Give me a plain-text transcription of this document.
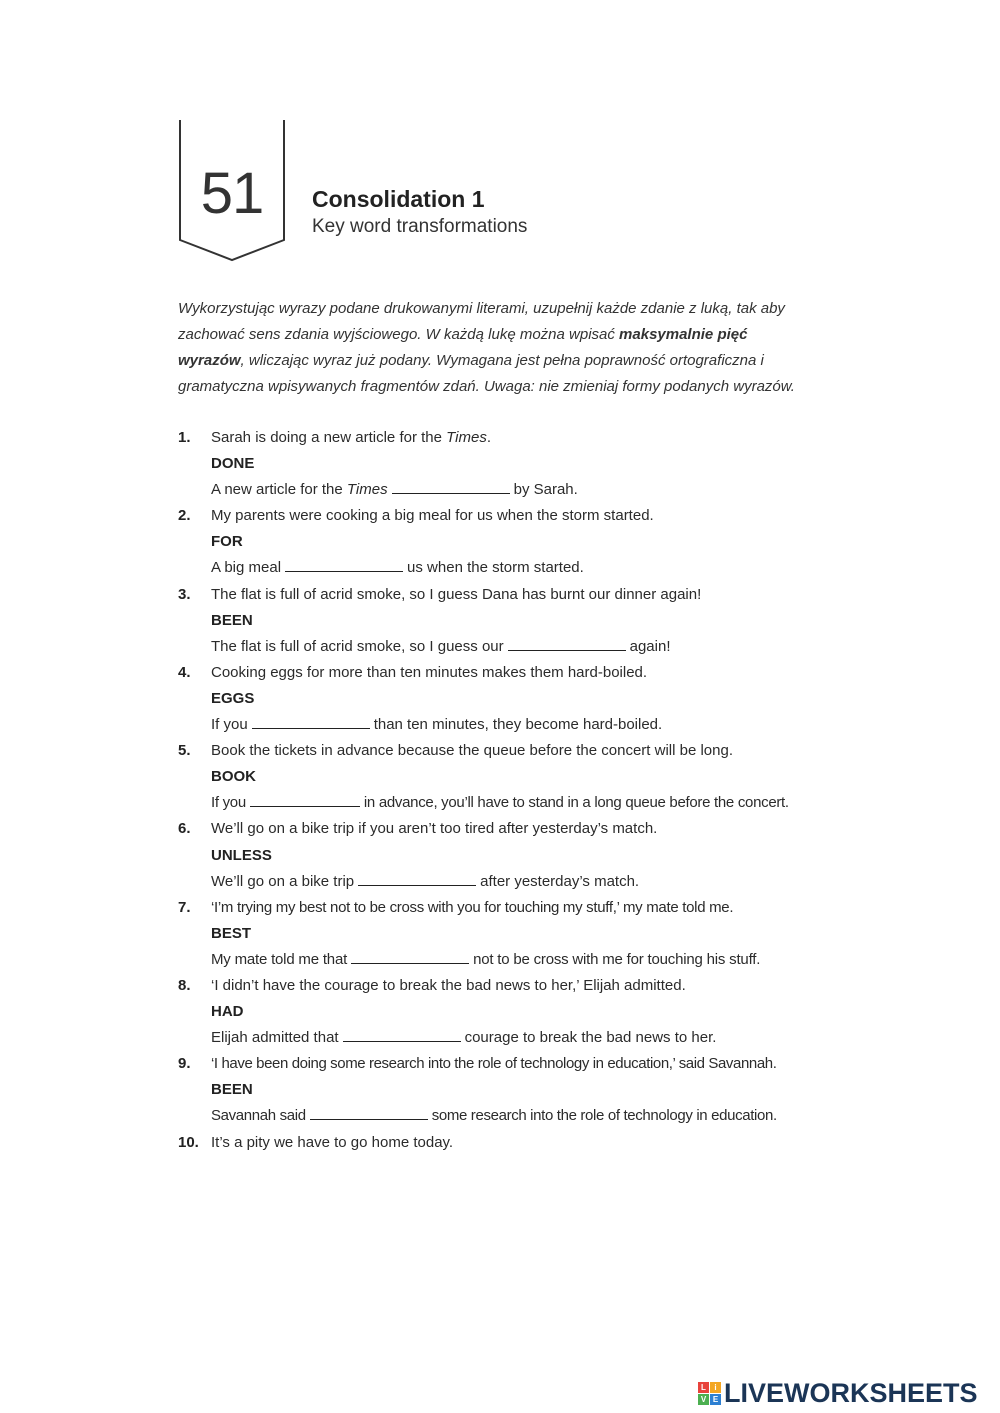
51	Consolidation 1
Key word transformations
Wykorzystując wyrazy podane drukowanymi literami, uzupełnij każde zdanie z luką, tak aby zachować sens zdania wyjściowego. W każdą lukę można wpisać maksymalnie pięć wyrazów, wliczając wyraz już podany. Wymagana jest pełna poprawność ortograficzna i gramatyczna wpisywanych fragmentów zdań. Uwaga: nie zmieniaj formy podanych wyrazów.
1. Sarah is doing a new article for the Times.
DONE
A new article for the Times	by Sarah.
2. My parents were cooking a big meal for us when the storm started.
FOR
A big meal	us when the storm started.
3. The flat is full of acrid smoke, so I guess Dana has burnt our dinner again!
BEEN
The flat is full of acrid smoke, so I guess our	again!
4. Cooking eggs for more than ten minutes makes them hard-boiled.
EGGS
If you	than ten minutes, they become hard-boiled.
5. Book the tickets in advance because the queue before the concert will be long.
BOOK
If you	in advance, you’ll have to stand in a long queue before the concert.
6. We’ll go on a bike trip if you aren’t too tired after yesterday’s match.
UNLESS
We’ll go on a bike trip	after yesterday’s match.
7. ‘I’m trying my best not to be cross with you for touching my stuff,’ my mate told me.
BEST
My mate told me that	not to be cross with me for touching his stuff.
8. ‘I didn’t have the courage to break the bad news to her,’ Elijah admitted.
HAD
Elijah admitted that	courage to break the bad news to her.
9. ‘I have been doing some research into the role of technology in education,’ said Savannah.
BEEN
Savannah said	some research into the role of technology in education.
10. It’s a pity we have to go home today.
L	i
V E LIVEWORKSHEETS
